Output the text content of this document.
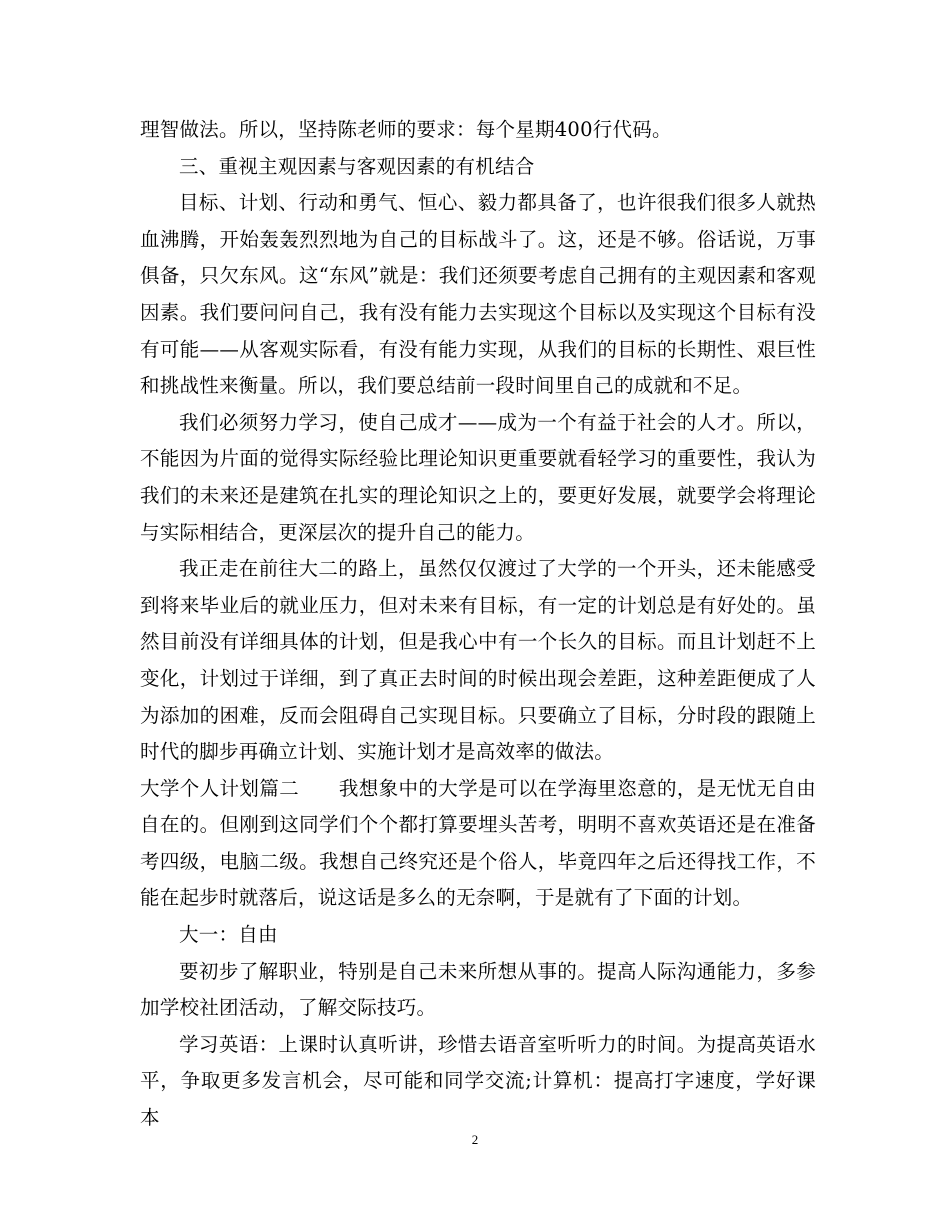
理智做法。所以，坚持陈老师的要求：每个星期400行代码。

三、重视主观因素与客观因素的有机结合

目标、计划、行动和勇气、恒心、毅力都具备了，也许很我们很多人就热血沸腾，开始轰轰烈烈地为自己的目标战斗了。这，还是不够。俗话说，万事俱备，只欠东风。这“东风”就是：我们还须要考虑自己拥有的主观因素和客观因素。我们要问问自己，我有没有能力去实现这个目标以及实现这个目标有没有可能——从客观实际看，有没有能力实现，从我们的目标的长期性、艰巨性和挑战性来衡量。所以，我们要总结前一段时间里自己的成就和不足。

我们必须努力学习，使自己成才——成为一个有益于社会的人才。所以，不能因为片面的觉得实际经验比理论知识更重要就看轻学习的重要性，我认为我们的未来还是建筑在扎实的理论知识之上的，要更好发展，就要学会将理论与实际相结合，更深层次的提升自己的能力。

我正走在前往大二的路上，虽然仅仅渡过了大学的一个开头，还未能感受到将来毕业后的就业压力，但对未来有目标，有一定的计划总是有好处的。虽然目前没有详细具体的计划，但是我心中有一个长久的目标。而且计划赶不上变化，计划过于详细，到了真正去时间的时候出现会差距，这种差距便成了人为添加的困难，反而会阻碍自己实现目标。只要确立了目标，分时段的跟随上时代的脚步再确立计划、实施计划才是高效率的做法。

大学个人计划篇二　　我想象中的大学是可以在学海里恣意的，是无忧无自由自在的。但刚到这同学们个个都打算要埋头苦考，明明不喜欢英语还是在准备考四级，电脑二级。我想自己终究还是个俗人，毕竟四年之后还得找工作，不能在起步时就落后，说这话是多么的无奈啊，于是就有了下面的计划。

大一：自由

要初步了解职业，特别是自己未来所想从事的。提高人际沟通能力，多参加学校社团活动，了解交际技巧。

学习英语：上课时认真听讲，珍惜去语音室听听力的时间。为提高英语水平，争取更多发言机会，尽可能和同学交流;计算机：提高打字速度，学好课本

2
